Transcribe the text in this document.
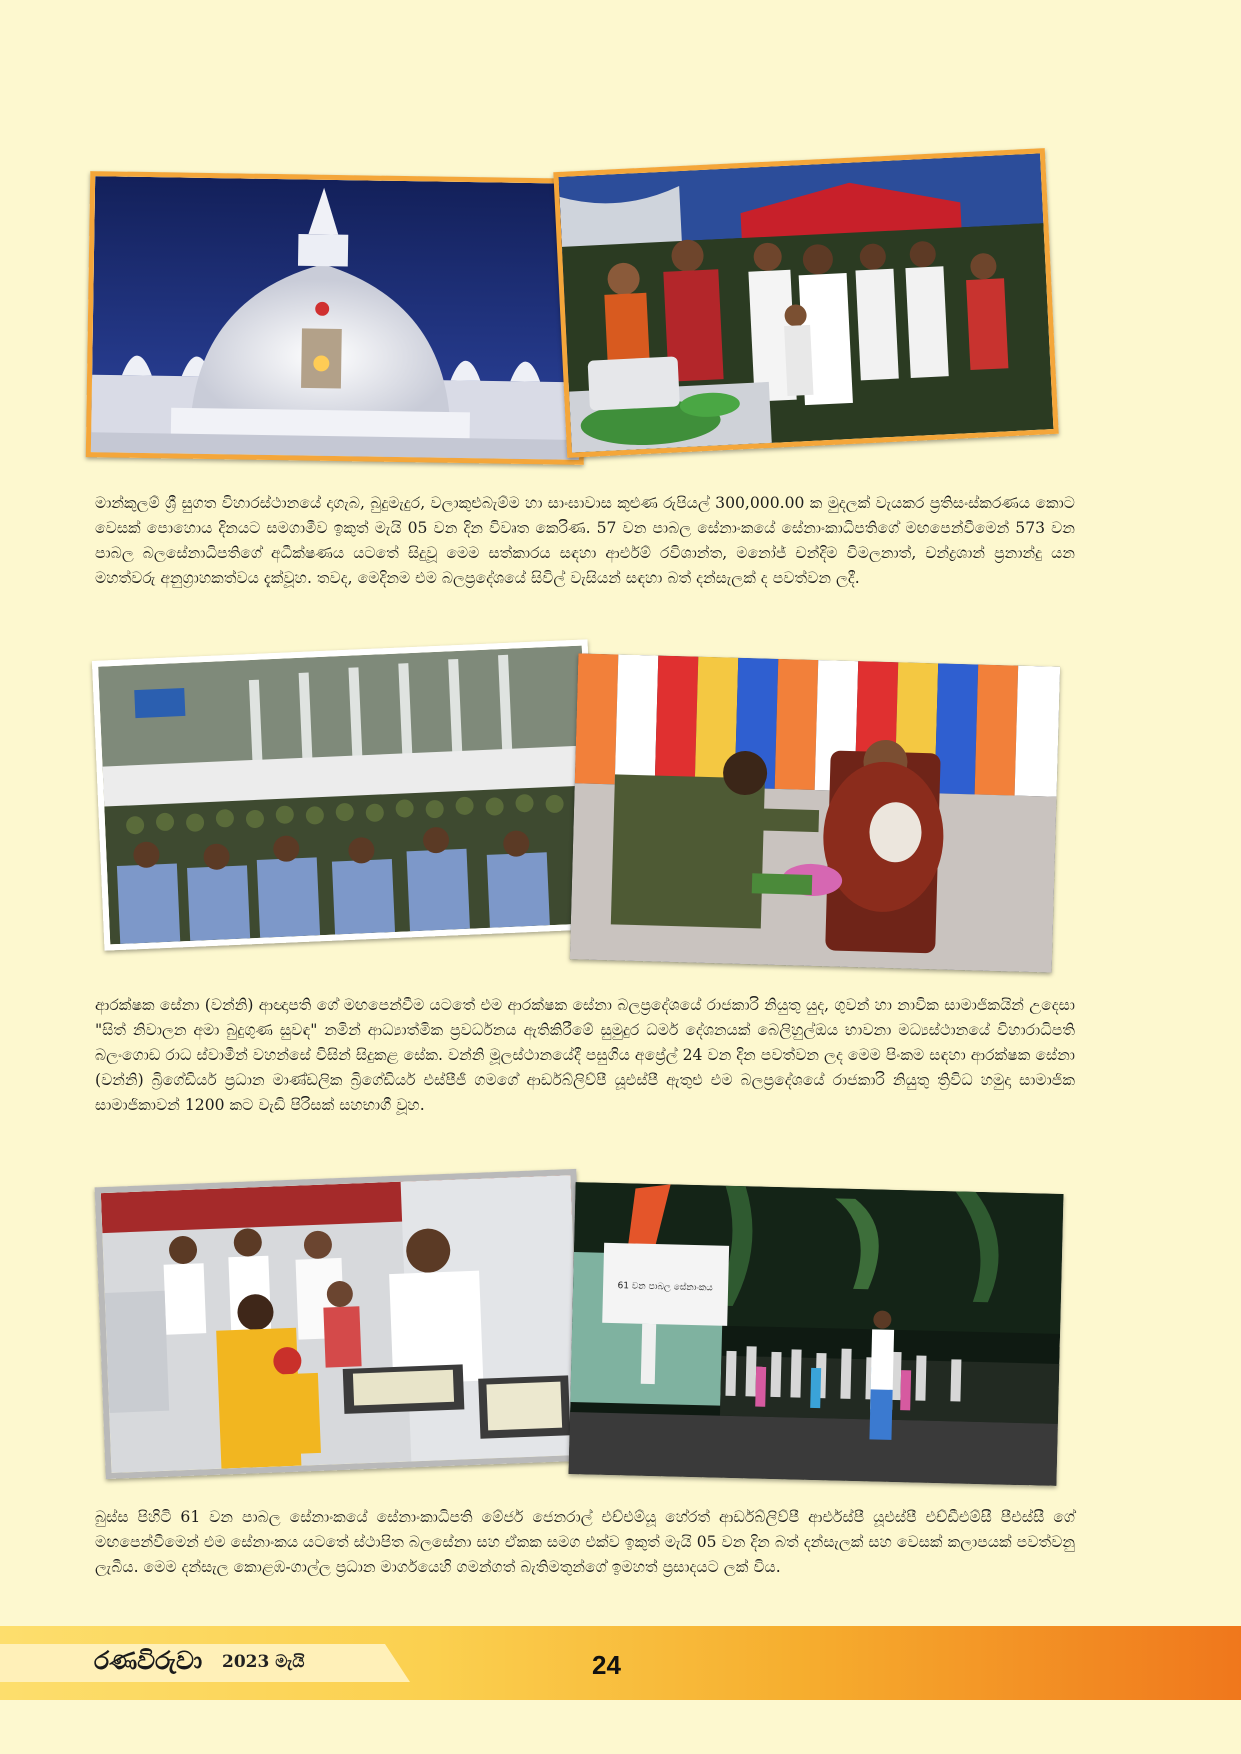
මාන්කුලම් ශ්‍රී සුගත විහාරස්ථානයේ දාගැබ, බුදුමැදුර, වලාකුළුබැම්ම හා සාංඝාවාස කුළුණ රුපියල් 300,000.00 ක මුදලක් වැයකර ප්‍රතිසංස්කරණය කොට වෙසක් පොහොය දිනයට සමගාමීව ඉකුත් මැයි 05 වන දින විවෘත කෙරිණ. 57 වන පාබල සේනාංකයේ සේනාංකාධිපතිගේ මඟපෙන්වීමෙන් 573 වන පාබල බලසේනාධිපතිගේ අධීක්ෂණය යටතේ සිදුවූ මෙම සත්කාරය සඳහා ආර්එම් රවිශාන්ත, මනෝජ් චන්දිම විමලනාත්, චන්ද්‍රශාන් ප්‍රනාන්දු යන මහත්වරු අනුග්‍රාහකත්වය දැක්වූහ. තවද, මෙදිනම එම බලප්‍රදේශයේ සිවිල් වැසියන් සඳහා බත් දන්සැලක් ද පවත්වන ලදී.
ආරක්ෂක සේනා (වන්නි) ආඥාපති ගේ මඟපෙන්වීම යටතේ එම ආරක්ෂක සේනා බලප්‍රදේශයේ රාජකාරි නියුතු යුද, ගුවන් හා නාවික සාමාජිකයින් උදෙසා "සිත් නිවාලන අමා බුදුගුණ සුවඳ" නමින් ආධ්‍යාත්මික ප්‍රවර්ධනය ඇතිකිරීමේ සුමුදුර ධර්ම දේශනයක් බෙලිහුල්ඔය භාවනා මධ්‍යස්ථානයේ විහාරාධිපති බලංගොඩ රාධ ස්වාමීන් වහන්සේ විසින් සිදුකළ සේක. වන්නි මූලස්ථානයේදී පසුගිය අප්‍රේල් 24 වන දින පවත්වන ලද මෙම පිංකම සඳහා ආරක්ෂක සේනා (වන්නි) බ්‍රිගේඩියර් ප්‍රධාන මාණ්ඩලික බ්‍රිගේඩියර් එස්පීජී ගමගේ ආර්ඩබ්ලිව්පී යූඑස්පී ඇතුළු එම බලප්‍රදේශයේ රාජකාරි නියුතු ත්‍රිවිධ හමුදා සාමාජික සාමාජිකාවන් 1200 කට වැඩි පිරිසක් සහභාගී වූහ.
61 වන පාබල සේනාංකය
බුස්ස පිහිටි 61 වන පාබල සේනාංකයේ සේනාංකාධිපති මේජර් ජෙනරාල් එච්එම්යූ හේරත් ආර්ඩබ්ලිව්පී ආර්එස්පී යූඑස්පී එච්ඩීඑම්සී පීඑස්සී ගේ මඟපෙන්වීමෙන් එම සේනාංකය යටතේ ස්ථාපිත බලසේනා සහ ඒකක සමග එක්ව ඉකුත් මැයි 05 වන දින බත් දන්සැලක් සහ වෙසක් කලාපයක් පවත්වනු ලැබීය. මෙම දන්සැල කොළඹ-ගාල්ල ප්‍රධාන මාර්ගයෙහි ගමන්ගත් බැතිමතුන්ගේ ඉමහත් ප්‍රසාදයට ලක් විය.
රණවිරුවා 2023 මැයි	24
